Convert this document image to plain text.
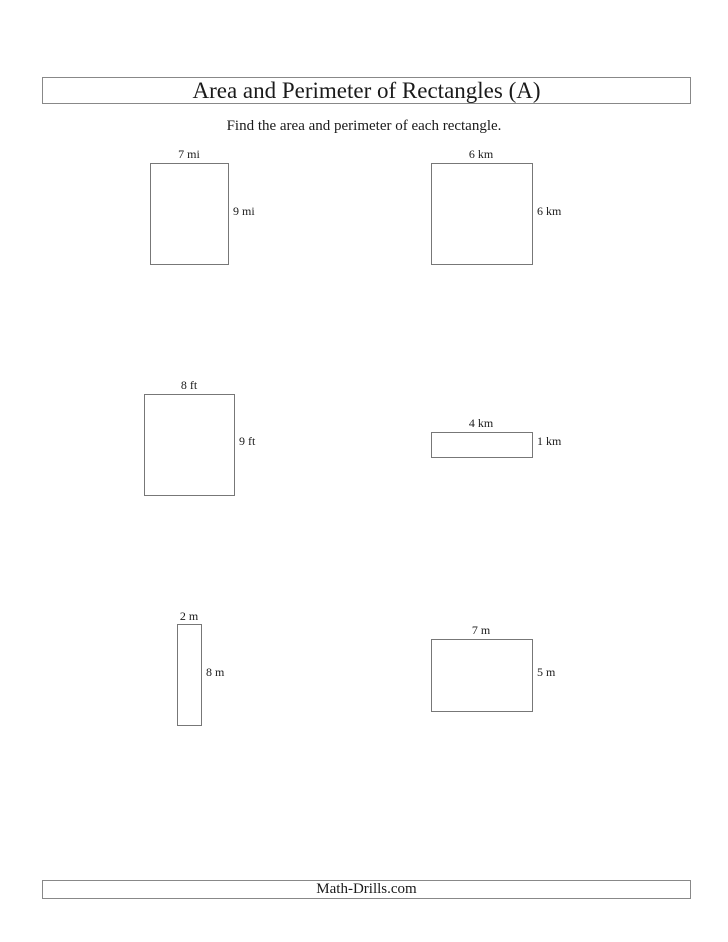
Area and Perimeter of Rectangles (A)
Find the area and perimeter of each rectangle.
7 mi
9 mi
6 km
6 km
8 ft
9 ft
4 km
1 km
2 m
8 m
7 m
5 m
Math-Drills.com
